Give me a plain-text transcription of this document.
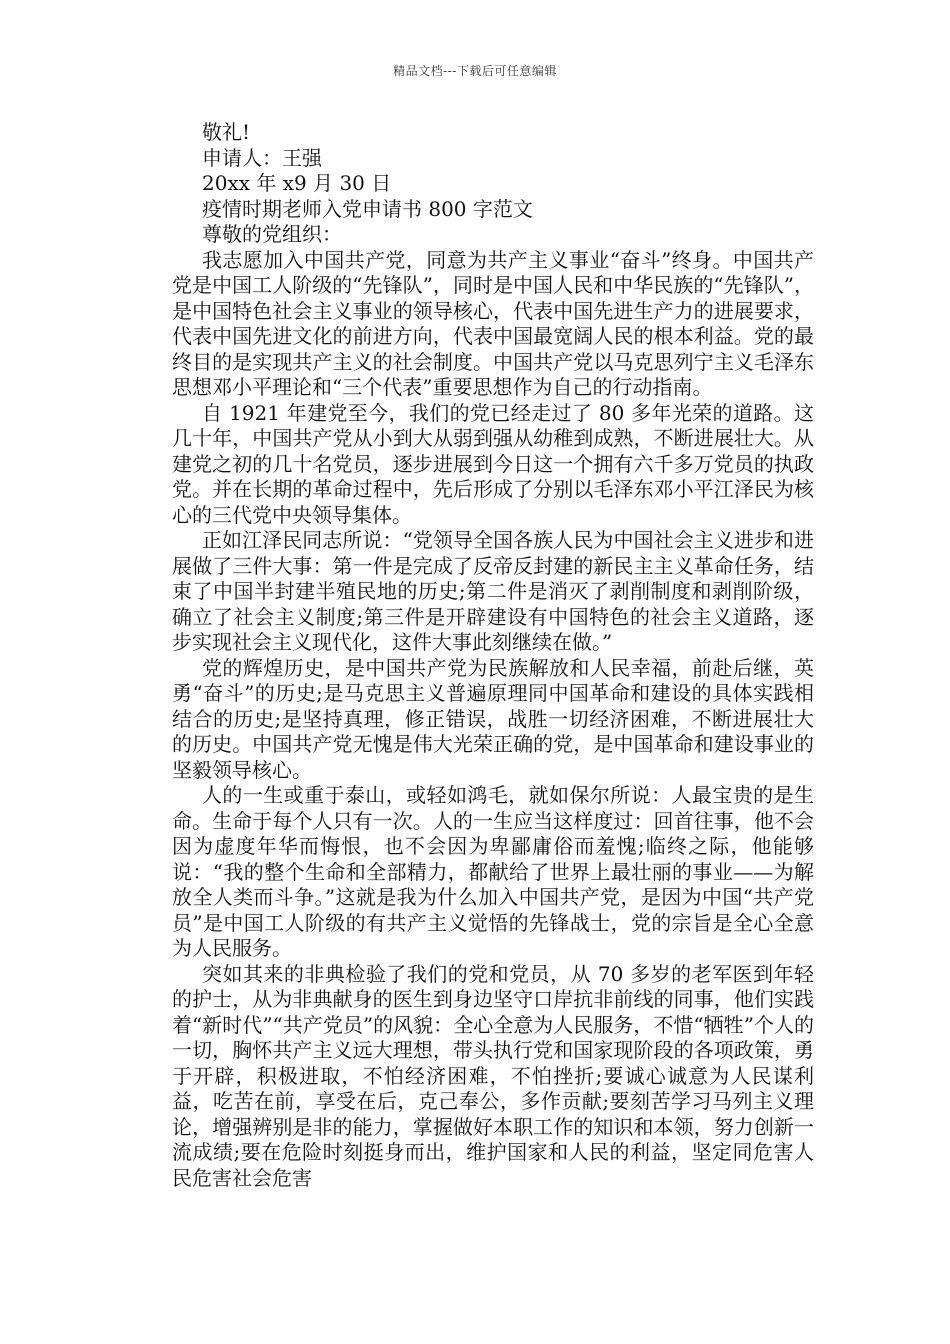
精品文档---下载后可任意编辑
敬礼!
申请人：王强
20xx 年 x9 月 30 日
疫情时期老师入党申请书 800 字范文
尊敬的党组织：

我志愿加入中国共产党，同意为共产主义事业“奋斗”终身。中国共产党是中国工人阶级的“先锋队”，同时是中国人民和中华民族的“先锋队”，是中国特色社会主义事业的领导核心，代表中国先进生产力的进展要求，代表中国先进文化的前进方向，代表中国最宽阔人民的根本利益。党的最终目的是实现共产主义的社会制度。中国共产党以马克思列宁主义毛泽东思想邓小平理论和“三个代表”重要思想作为自己的行动指南。

自 1921 年建党至今，我们的党已经走过了 80 多年光荣的道路。这几十年，中国共产党从小到大从弱到强从幼稚到成熟，不断进展壮大。从建党之初的几十名党员，逐步进展到今日这一个拥有六千多万党员的执政党。并在长期的革命过程中，先后形成了分别以毛泽东邓小平江泽民为核心的三代党中央领导集体。

正如江泽民同志所说：“党领导全国各族人民为中国社会主义进步和进展做了三件大事：第一件是完成了反帝反封建的新民主主义革命任务，结束了中国半封建半殖民地的历史;第二件是消灭了剥削制度和剥削阶级，确立了社会主义制度;第三件是开辟建设有中国特色的社会主义道路，逐步实现社会主义现代化，这件大事此刻继续在做。”

党的辉煌历史，是中国共产党为民族解放和人民幸福，前赴后继，英勇“奋斗”的历史;是马克思主义普遍原理同中国革命和建设的具体实践相结合的历史;是坚持真理，修正错误，战胜一切经济困难，不断进展壮大的历史。中国共产党无愧是伟大光荣正确的党，是中国革命和建设事业的坚毅领导核心。

人的一生或重于泰山，或轻如鸿毛，就如保尔所说：人最宝贵的是生命。生命于每个人只有一次。人的一生应当这样度过：回首往事，他不会因为虚度年华而悔恨，也不会因为卑鄙庸俗而羞愧;临终之际，他能够说：“我的整个生命和全部精力，都献给了世界上最壮丽的事业——为解放全人类而斗争。”这就是我为什么加入中国共产党，是因为中国“共产党员”是中国工人阶级的有共产主义觉悟的先锋战士，党的宗旨是全心全意为人民服务。

突如其来的非典检验了我们的党和党员，从 70 多岁的老军医到年轻的护士，从为非典献身的医生到身边坚守口岸抗非前线的同事，他们实践着“新时代”“共产党员”的风貌：全心全意为人民服务，不惜“牺牲”个人的一切，胸怀共产主义远大理想，带头执行党和国家现阶段的各项政策，勇于开辟，积极进取，不怕经济困难，不怕挫折;要诚心诚意为人民谋利益，吃苦在前，享受在后，克己奉公，多作贡献;要刻苦学习马列主义理论，增强辨别是非的能力，掌握做好本职工作的知识和本领，努力创新一流成绩;要在危险时刻挺身而出，维护国家和人民的利益，坚定同危害人民危害社会危害
